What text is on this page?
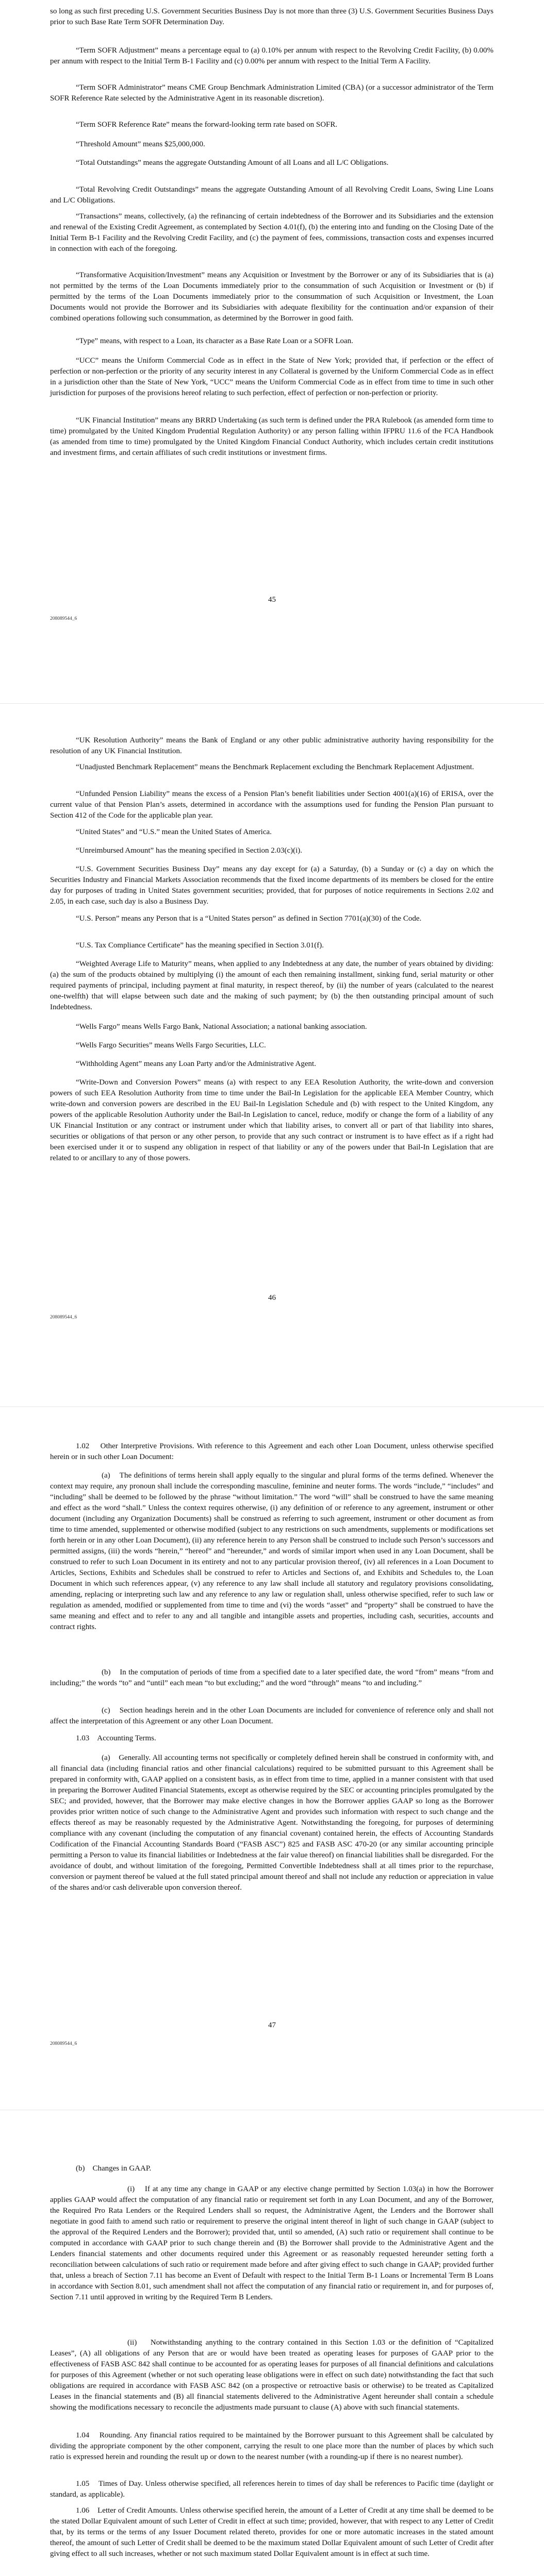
so long as such first preceding U.S. Government Securities Business Day is not more than three (3) U.S. Government Securities Business Days prior to such Base Rate Term SOFR Determination Day.

“Term SOFR Adjustment” means a percentage equal to (a) 0.10% per annum with respect to the Revolving Credit Facility, (b) 0.00% per annum with respect to the Initial Term B-1 Facility and (c) 0.00% per annum with respect to the Initial Term A Facility.

“Term SOFR Administrator” means CME Group Benchmark Administration Limited (CBA) (or a successor administrator of the Term SOFR Reference Rate selected by the Administrative Agent in its reasonable discretion).

“Term SOFR Reference Rate” means the forward-looking term rate based on SOFR.

“Threshold Amount” means $25,000,000.

“Total Outstandings” means the aggregate Outstanding Amount of all Loans and all L/C Obligations.

“Total Revolving Credit Outstandings” means the aggregate Outstanding Amount of all Revolving Credit Loans, Swing Line Loans and L/C Obligations.

“Transactions” means, collectively, (a) the refinancing of certain indebtedness of the Borrower and its Subsidiaries and the extension and renewal of the Existing Credit Agreement, as contemplated by Section 4.01(f), (b) the entering into and funding on the Closing Date of the Initial Term B-1 Facility and the Revolving Credit Facility, and (c) the payment of fees, commissions, transaction costs and expenses incurred in connection with each of the foregoing.

“Transformative Acquisition/Investment” means any Acquisition or Investment by the Borrower or any of its Subsidiaries that is (a) not permitted by the terms of the Loan Documents immediately prior to the consummation of such Acquisition or Investment or (b) if permitted by the terms of the Loan Documents immediately prior to the consummation of such Acquisition or Investment, the Loan Documents would not provide the Borrower and its Subsidiaries with adequate flexibility for the continuation and/or expansion of their combined operations following such consummation, as determined by the Borrower in good faith.

“Type” means, with respect to a Loan, its character as a Base Rate Loan or a SOFR Loan.

“UCC” means the Uniform Commercial Code as in effect in the State of New York; provided that, if perfection or the effect of perfection or non-perfection or the priority of any security interest in any Collateral is governed by the Uniform Commercial Code as in effect in a jurisdiction other than the State of New York, “UCC” means the Uniform Commercial Code as in effect from time to time in such other jurisdiction for purposes of the provisions hereof relating to such perfection, effect of perfection or non-perfection or priority.

“UK Financial Institution” means any BRRD Undertaking (as such term is defined under the PRA Rulebook (as amended form time to time) promulgated by the United Kingdom Prudential Regulation Authority) or any person falling within IFPRU 11.6 of the FCA Handbook (as amended from time to time) promulgated by the United Kingdom Financial Conduct Authority, which includes certain credit institutions and investment firms, and certain affiliates of such credit institutions or investment firms.

45
208089544_6

“UK Resolution Authority” means the Bank of England or any other public administrative authority having responsibility for the resolution of any UK Financial Institution.

“Unadjusted Benchmark Replacement” means the Benchmark Replacement excluding the Benchmark Replacement Adjustment.

“Unfunded Pension Liability” means the excess of a Pension Plan’s benefit liabilities under Section 4001(a)(16) of ERISA, over the current value of that Pension Plan’s assets, determined in accordance with the assumptions used for funding the Pension Plan pursuant to Section 412 of the Code for the applicable plan year.

“United States” and “U.S.” mean the United States of America.

“Unreimbursed Amount” has the meaning specified in Section 2.03(c)(i).

“U.S. Government Securities Business Day” means any day except for (a) a Saturday, (b) a Sunday or (c) a day on which the Securities Industry and Financial Markets Association recommends that the fixed income departments of its members be closed for the entire day for purposes of trading in United States government securities; provided, that for purposes of notice requirements in Sections 2.02 and 2.05, in each case, such day is also a Business Day.

“U.S. Person” means any Person that is a “United States person” as defined in Section 7701(a)(30) of the Code.

“U.S. Tax Compliance Certificate” has the meaning specified in Section 3.01(f).

“Weighted Average Life to Maturity” means, when applied to any Indebtedness at any date, the number of years obtained by dividing: (a) the sum of the products obtained by multiplying (i) the amount of each then remaining installment, sinking fund, serial maturity or other required payments of principal, including payment at final maturity, in respect thereof, by (ii) the number of years (calculated to the nearest one-twelfth) that will elapse between such date and the making of such payment; by (b) the then outstanding principal amount of such Indebtedness.

“Wells Fargo” means Wells Fargo Bank, National Association; a national banking association.

“Wells Fargo Securities” means Wells Fargo Securities, LLC.

“Withholding Agent” means any Loan Party and/or the Administrative Agent.

“Write-Down and Conversion Powers” means (a) with respect to any EEA Resolution Authority, the write-down and conversion powers of such EEA Resolution Authority from time to time under the Bail-In Legislation for the applicable EEA Member Country, which write-down and conversion powers are described in the EU Bail-In Legislation Schedule and (b) with respect to the United Kingdom, any powers of the applicable Resolution Authority under the Bail-In Legislation to cancel, reduce, modify or change the form of a liability of any UK Financial Institution or any contract or instrument under which that liability arises, to convert all or part of that liability into shares, securities or obligations of that person or any other person, to provide that any such contract or instrument is to have effect as if a right had been exercised under it or to suspend any obligation in respect of that liability or any of the powers under that Bail-In Legislation that are related to or ancillary to any of those powers.

46
208089544_6

1.02    Other Interpretive Provisions. With reference to this Agreement and each other Loan Document, unless otherwise specified herein or in such other Loan Document:

(a)    The definitions of terms herein shall apply equally to the singular and plural forms of the terms defined. Whenever the context may require, any pronoun shall include the corresponding masculine, feminine and neuter forms. The words “include,” “includes” and “including” shall be deemed to be followed by the phrase “without limitation.” The word “will” shall be construed to have the same meaning and effect as the word “shall.” Unless the context requires otherwise, (i) any definition of or reference to any agreement, instrument or other document (including any Organization Documents) shall be construed as referring to such agreement, instrument or other document as from time to time amended, supplemented or otherwise modified (subject to any restrictions on such amendments, supplements or modifications set forth herein or in any other Loan Document), (ii) any reference herein to any Person shall be construed to include such Person’s successors and permitted assigns, (iii) the words “herein,” “hereof” and “hereunder,” and words of similar import when used in any Loan Document, shall be construed to refer to such Loan Document in its entirety and not to any particular provision thereof, (iv) all references in a Loan Document to Articles, Sections, Exhibits and Schedules shall be construed to refer to Articles and Sections of, and Exhibits and Schedules to, the Loan Document in which such references appear, (v) any reference to any law shall include all statutory and regulatory provisions consolidating, amending, replacing or interpreting such law and any reference to any law or regulation shall, unless otherwise specified, refer to such law or regulation as amended, modified or supplemented from time to time and (vi) the words “asset” and “property” shall be construed to have the same meaning and effect and to refer to any and all tangible and intangible assets and properties, including cash, securities, accounts and contract rights.

(b)    In the computation of periods of time from a specified date to a later specified date, the word “from” means “from and including;” the words “to” and “until” each mean “to but excluding;” and the word “through” means “to and including.”

(c)    Section headings herein and in the other Loan Documents are included for convenience of reference only and shall not affect the interpretation of this Agreement or any other Loan Document.

1.03    Accounting Terms.

(a)    Generally. All accounting terms not specifically or completely defined herein shall be construed in conformity with, and all financial data (including financial ratios and other financial calculations) required to be submitted pursuant to this Agreement shall be prepared in conformity with, GAAP applied on a consistent basis, as in effect from time to time, applied in a manner consistent with that used in preparing the Borrower Audited Financial Statements, except as otherwise required by the SEC or accounting principles promulgated by the SEC; and provided, however, that the Borrower may make elective changes in how the Borrower applies GAAP so long as the Borrower provides prior written notice of such change to the Administrative Agent and provides such information with respect to such change and the effects thereof as may be reasonably requested by the Administrative Agent. Notwithstanding the foregoing, for purposes of determining compliance with any covenant (including the computation of any financial covenant) contained herein, the effects of Accounting Standards Codification of the Financial Accounting Standards Board (“FASB ASC”) 825 and FASB ASC 470-20 (or any similar accounting principle permitting a Person to value its financial liabilities or Indebtedness at the fair value thereof) on financial liabilities shall be disregarded. For the avoidance of doubt, and without limitation of the foregoing, Permitted Convertible Indebtedness shall at all times prior to the repurchase, conversion or payment thereof be valued at the full stated principal amount thereof and shall not include any reduction or appreciation in value of the shares and/or cash deliverable upon conversion thereof.

47
208089544_6

(b)    Changes in GAAP.

(i)    If at any time any change in GAAP or any elective change permitted by Section 1.03(a) in how the Borrower applies GAAP would affect the computation of any financial ratio or requirement set forth in any Loan Document, and any of the Borrower, the Required Pro Rata Lenders or the Required Lenders shall so request, the Administrative Agent, the Lenders and the Borrower shall negotiate in good faith to amend such ratio or requirement to preserve the original intent thereof in light of such change in GAAP (subject to the approval of the Required Lenders and the Borrower); provided that, until so amended, (A) such ratio or requirement shall continue to be computed in accordance with GAAP prior to such change therein and (B) the Borrower shall provide to the Administrative Agent and the Lenders financial statements and other documents required under this Agreement or as reasonably requested hereunder setting forth a reconciliation between calculations of such ratio or requirement made before and after giving effect to such change in GAAP; provided further that, unless a breach of Section 7.11 has become an Event of Default with respect to the Initial Term B-1 Loans or Incremental Term B Loans in accordance with Section 8.01, such amendment shall not affect the computation of any financial ratio or requirement in, and for purposes of, Section 7.11 until approved in writing by the Required Term B Lenders.

(ii)    Notwithstanding anything to the contrary contained in this Section 1.03 or the definition of “Capitalized Leases”, (A) all obligations of any Person that are or would have been treated as operating leases for purposes of GAAP prior to the effectiveness of FASB ASC 842 shall continue to be accounted for as operating leases for purposes of all financial definitions and calculations for purposes of this Agreement (whether or not such operating lease obligations were in effect on such date) notwithstanding the fact that such obligations are required in accordance with FASB ASC 842 (on a prospective or retroactive basis or otherwise) to be treated as Capitalized Leases in the financial statements and (B) all financial statements delivered to the Administrative Agent hereunder shall contain a schedule showing the modifications necessary to reconcile the adjustments made pursuant to clause (A) above with such financial statements.

1.04    Rounding. Any financial ratios required to be maintained by the Borrower pursuant to this Agreement shall be calculated by dividing the appropriate component by the other component, carrying the result to one place more than the number of places by which such ratio is expressed herein and rounding the result up or down to the nearest number (with a rounding-up if there is no nearest number).

1.05    Times of Day. Unless otherwise specified, all references herein to times of day shall be references to Pacific time (daylight or standard, as applicable).

1.06    Letter of Credit Amounts. Unless otherwise specified herein, the amount of a Letter of Credit at any time shall be deemed to be the stated Dollar Equivalent amount of such Letter of Credit in effect at such time; provided, however, that with respect to any Letter of Credit that, by its terms or the terms of any Issuer Document related thereto, provides for one or more automatic increases in the stated amount thereof, the amount of such Letter of Credit shall be deemed to be the maximum stated Dollar Equivalent amount of such Letter of Credit after giving effect to all such increases, whether or not such maximum stated Dollar Equivalent amount is in effect at such time.
